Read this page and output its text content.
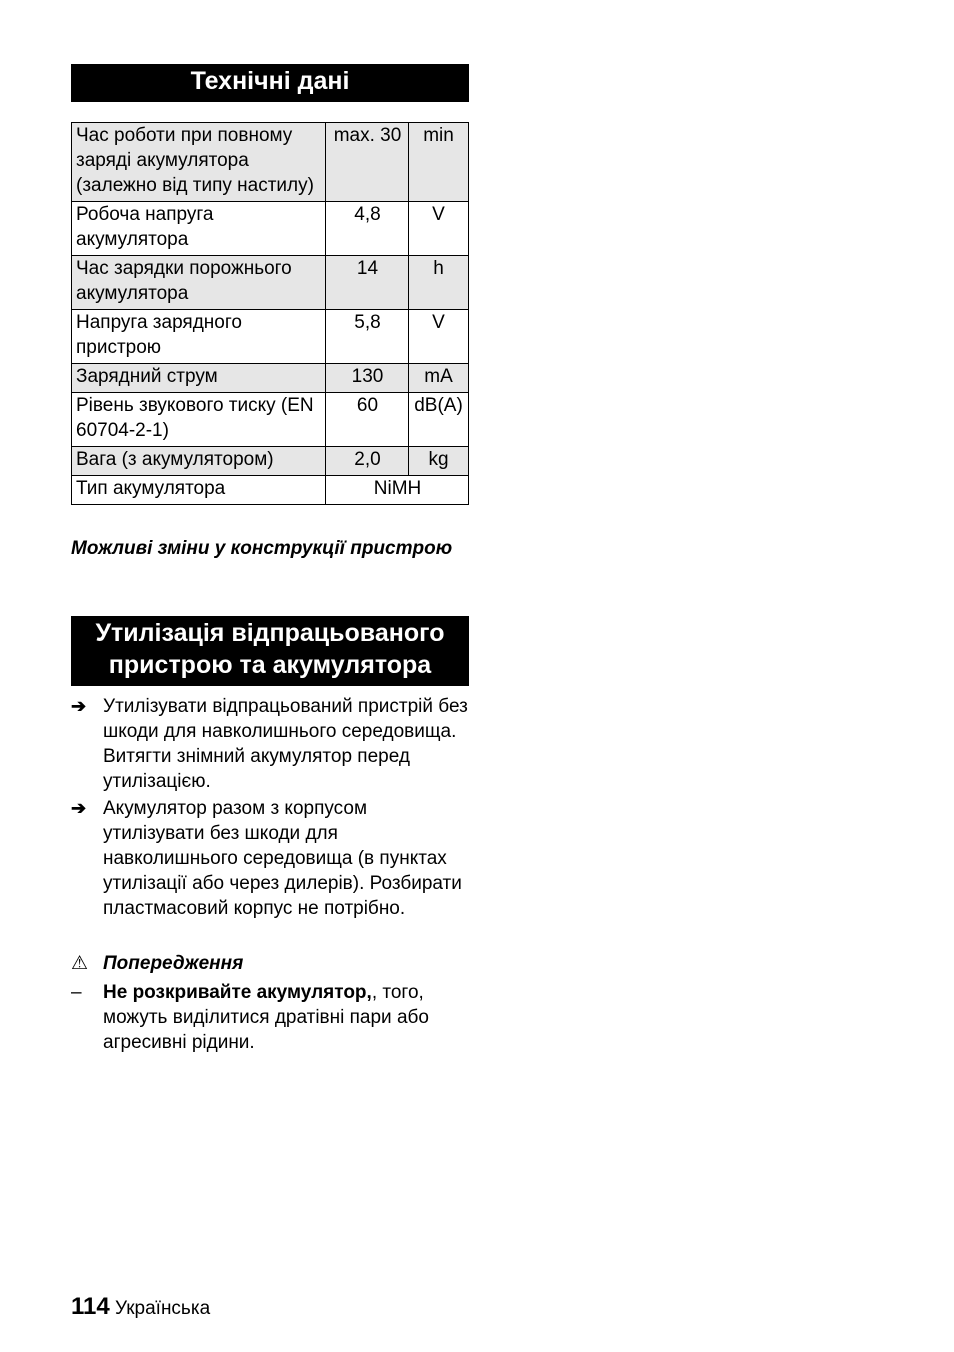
Технічні дані
Час роботи при повному заряді акумулятора (залежно від типу настилу)	max. 30	min
Робоча напруга акумулятора	4,8	V
Час зарядки порожнього акумулятора	14	h
Напруга зарядного пристрою	5,8	V
Зарядний струм	130	mA
Рівень звукового тиску (EN 60704-2-1)	60	dB(A)
Вага (з акумулятором)	2,0	kg
Тип акумулятора	NiMH	
Можливі зміни у конструкції пристрою
Утилізація відпрацьованого пристрою та акумулятора
➔ Утилізувати відпрацьований пристрій без шкоди для навколишнього середовища. Витягти знімний акумулятор перед утилізацією.
➔ Акумулятор разом з корпусом утилізувати без шкоди для навколишнього середовища (в пунктах утилізації або через дилерів). Розбирати пластмасовий корпус не потрібно.
⚠ Попередження
–	Не розкривайте акумулятор,, того, можуть виділитися дратівні пари або агресивні рідини.
114 Українська
